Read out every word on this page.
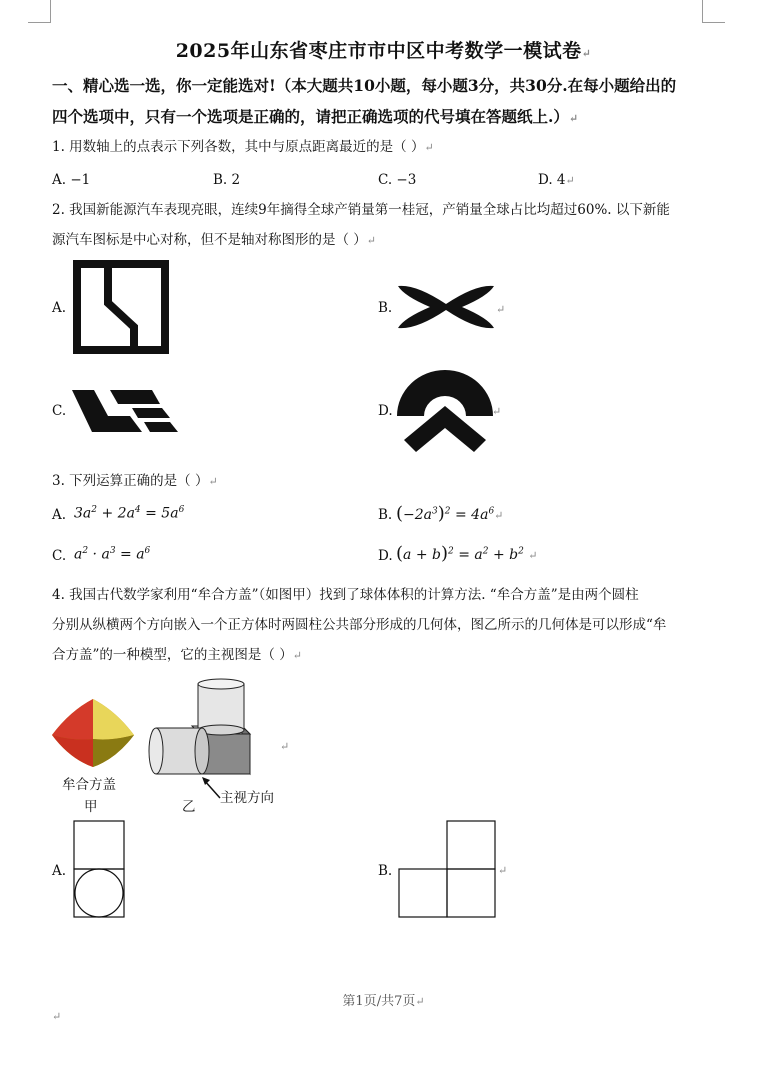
2025年山东省枣庄市市中区中考数学一模试卷↵
一、精心选一选，你一定能选对!（本大题共10小题，每小题3分，共30分.在每小题给出的
四个选项中，只有一个选项是正确的，请把正确选项的代号填在答题纸上.）↵
1. 用数轴上的点表示下列各数，其中与原点距离最近的是（ ）↵
A. −1	B. 2	C. −3	D. 4↵
2. 我国新能源汽车表现亮眼，连续9年摘得全球产销量第一桂冠，产销量全球占比均超过60%. 以下新能
源汽车图标是中心对称，但不是轴对称图形的是（ ）↵
A.	B.	↵
C.	D.	↵
3. 下列运算正确的是（ ）↵
A. $3a^2 + 2a^4 = 5a^6$	B. $(-2a^3)^2$ = $4a^6↵$
C. $a^2 \cdot a^3 = a^6$	D. $(a + b)^2 = a^2 + b^2$ ↵
4. 我国古代数学家利用“牟合方盖”（如图甲）找到了球体体积的计算方法. “牟合方盖”是由两个圆柱
分别从纵横两个方向嵌入一个正方体时两圆柱公共部分形成的几何体，图乙所示的几何体是可以形成“牟
合方盖”的一种模型，它的主视图是（ ）↵
牟合方盖
甲
↵
主视方向
乙
A.	B.	↵
第1页/共7页↵
↵
